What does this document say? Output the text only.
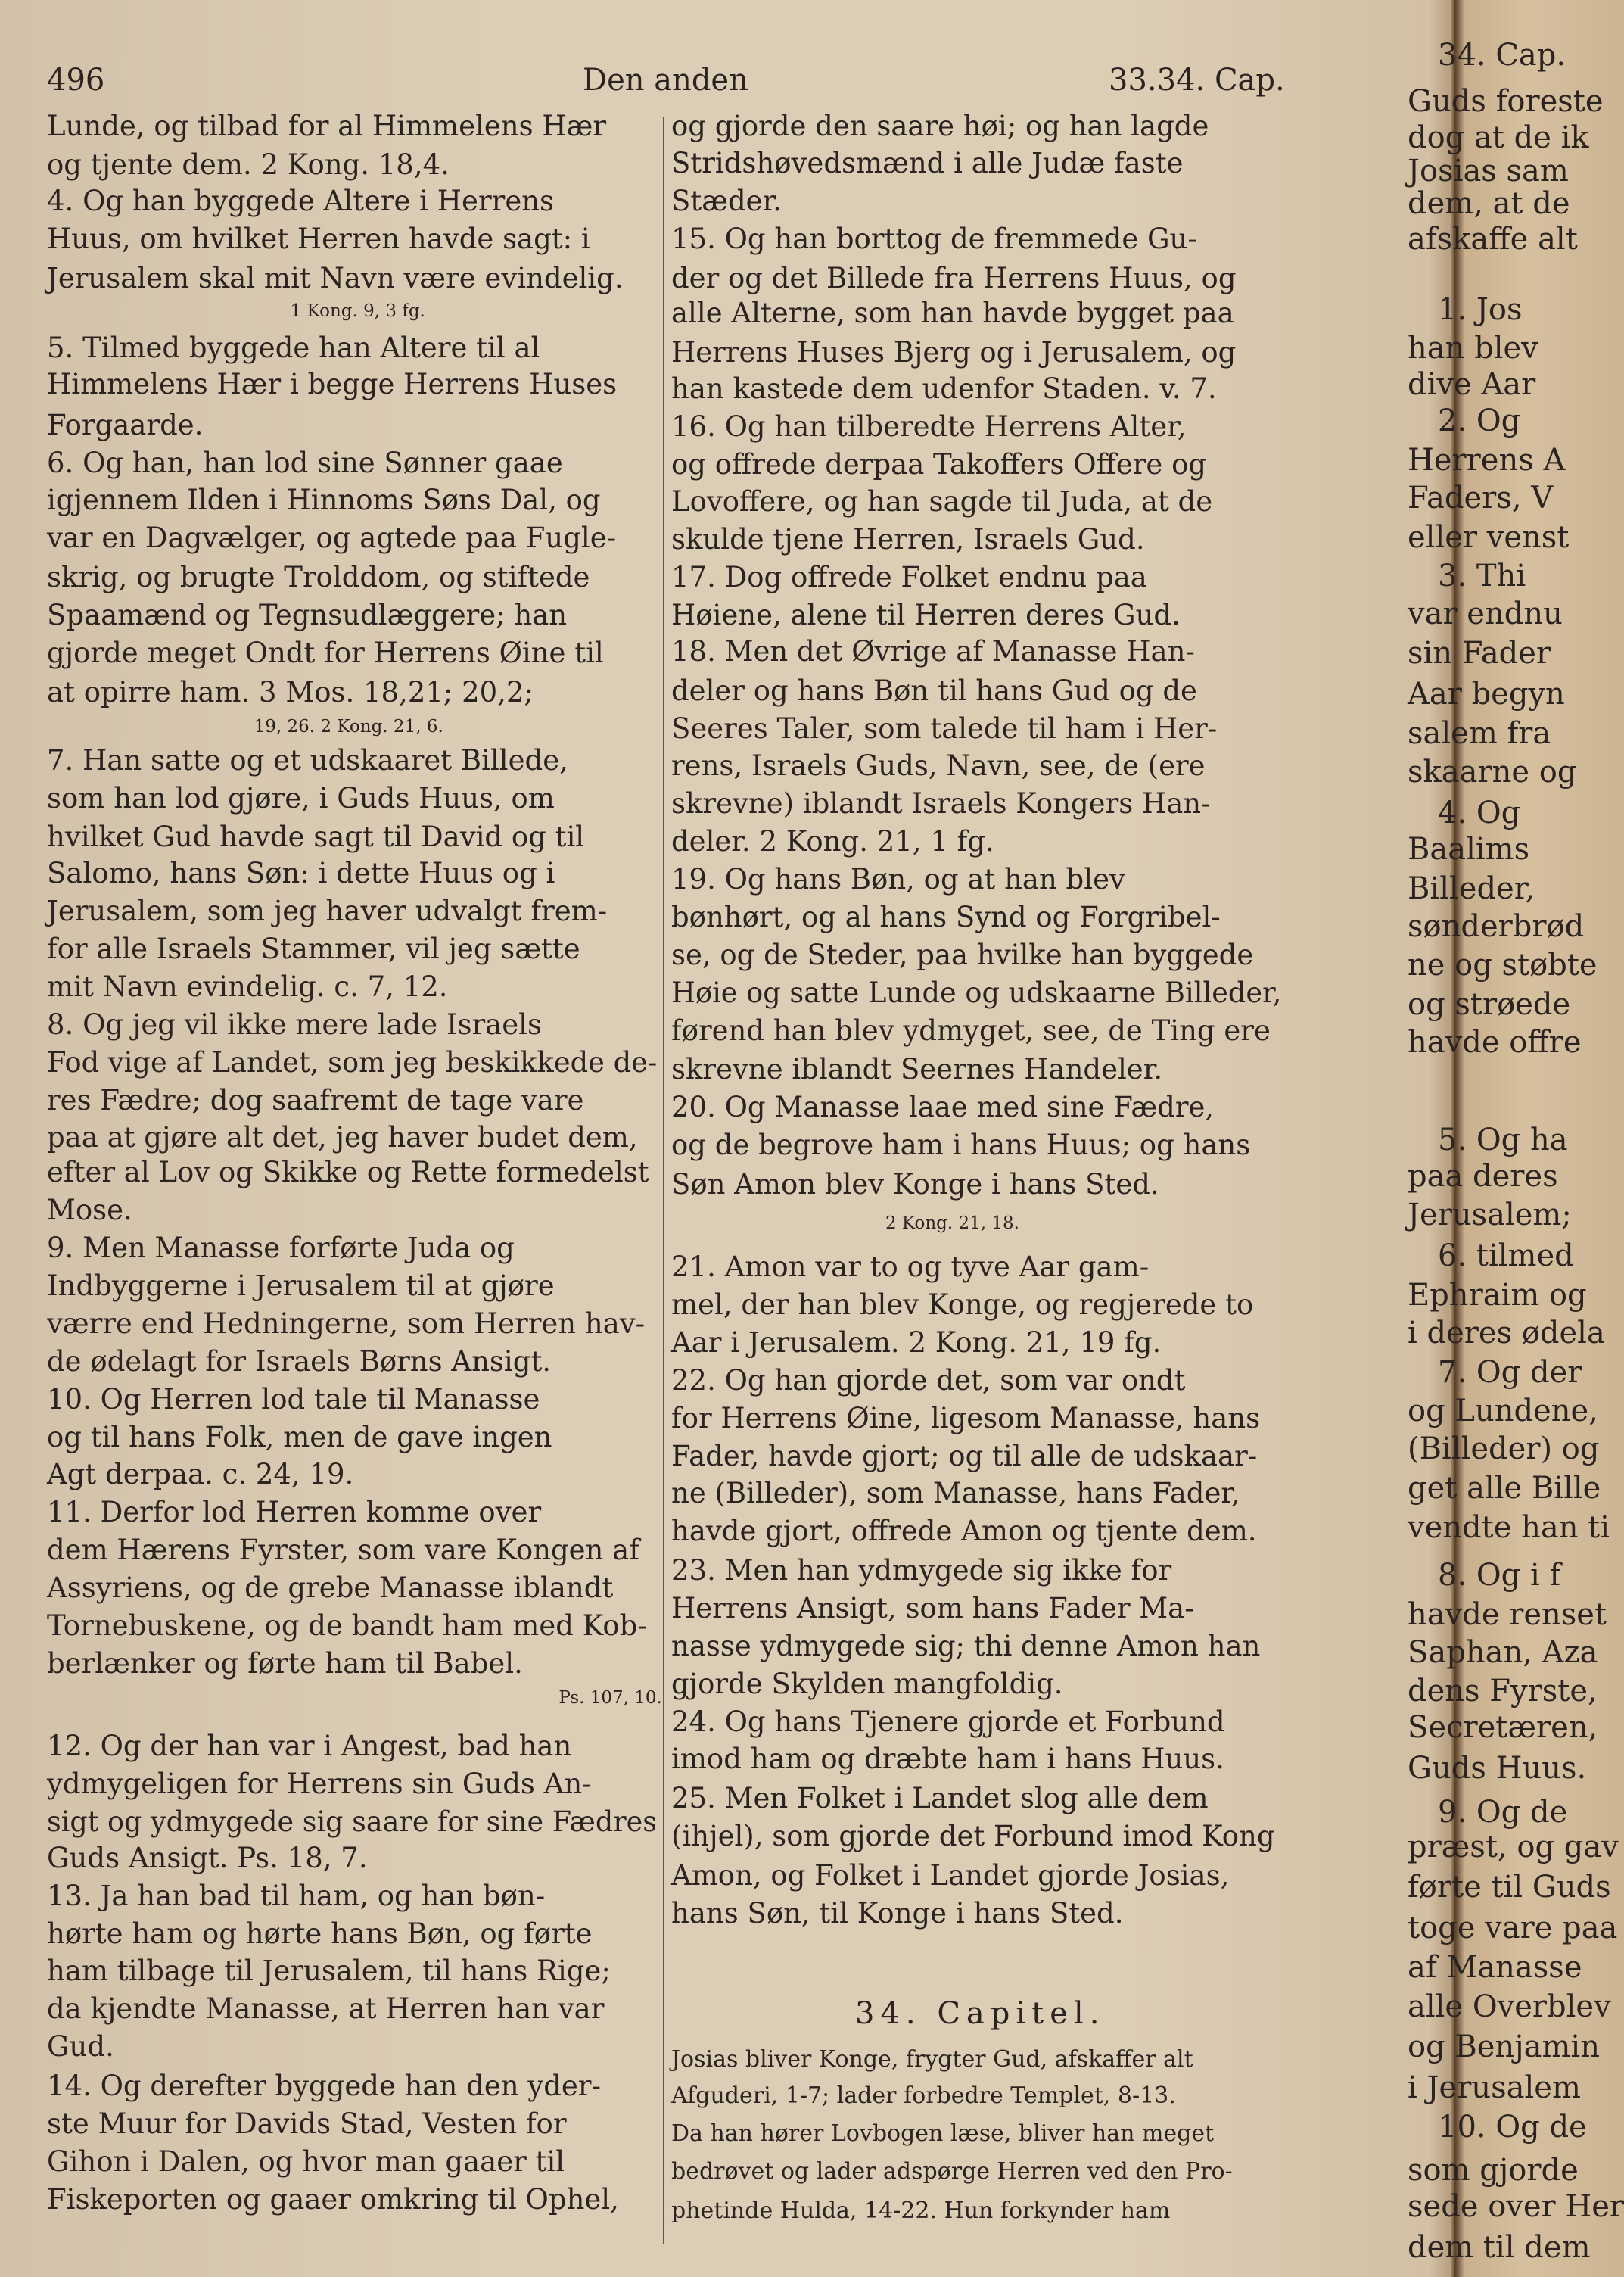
496	Den anden	33.34. Cap.
Lunde, og tilbad for al Himmelens Hær
og tjente dem. 2 Kong. 18,4.
4. Og han byggede Altere i Herrens
Huus, om hvilket Herren havde sagt: i
Jerusalem skal mit Navn være evindelig.
1 Kong. 9, 3 fg.
5. Tilmed byggede han Altere til al
Himmelens Hær i begge Herrens Huses
Forgaarde.
6. Og han, han lod sine Sønner gaae
igjennem Ilden i Hinnoms Søns Dal, og
var en Dagvælger, og agtede paa Fugle-
skrig, og brugte Trolddom, og stiftede
Spaamænd og Tegnsudlæggere; han
gjorde meget Ondt for Herrens Øine til
at opirre ham. 3 Mos. 18,21; 20,2;
19, 26. 2 Kong. 21, 6.
7. Han satte og et udskaaret Billede,
som han lod gjøre, i Guds Huus, om
hvilket Gud havde sagt til David og til
Salomo, hans Søn: i dette Huus og i
Jerusalem, som jeg haver udvalgt frem-
for alle Israels Stammer, vil jeg sætte
mit Navn evindelig. c. 7, 12.
8. Og jeg vil ikke mere lade Israels
Fod vige af Landet, som jeg beskikkede de-
res Fædre; dog saafremt de tage vare
paa at gjøre alt det, jeg haver budet dem,
efter al Lov og Skikke og Rette formedelst
Mose.
9. Men Manasse forførte Juda og
Indbyggerne i Jerusalem til at gjøre
værre end Hedningerne, som Herren hav-
de ødelagt for Israels Børns Ansigt.
10. Og Herren lod tale til Manasse
og til hans Folk, men de gave ingen
Agt derpaa. c. 24, 19.
11. Derfor lod Herren komme over
dem Hærens Fyrster, som vare Kongen af
Assyriens, og de grebe Manasse iblandt
Tornebuskene, og de bandt ham med Kob-
berlænker og førte ham til Babel.
Ps. 107, 10.
12. Og der han var i Angest, bad han
ydmygeligen for Herrens sin Guds An-
sigt og ydmygede sig saare for sine Fædres
Guds Ansigt. Ps. 18, 7.
13. Ja han bad til ham, og han bøn-
hørte ham og hørte hans Bøn, og førte
ham tilbage til Jerusalem, til hans Rige;
da kjendte Manasse, at Herren han var
Gud.
14. Og derefter byggede han den yder-
ste Muur for Davids Stad, Vesten for
Gihon i Dalen, og hvor man gaaer til
Fiskeporten og gaaer omkring til Ophel,
og gjorde den saare høi; og han lagde
Stridshøvedsmænd i alle Judæ faste
Stæder.
15. Og han borttog de fremmede Gu-
der og det Billede fra Herrens Huus, og
alle Alterne, som han havde bygget paa
Herrens Huses Bjerg og i Jerusalem, og
han kastede dem udenfor Staden. v. 7.
16. Og han tilberedte Herrens Alter,
og offrede derpaa Takoffers Offere og
Lovoffere, og han sagde til Juda, at de
skulde tjene Herren, Israels Gud.
17. Dog offrede Folket endnu paa
Høiene, alene til Herren deres Gud.
18. Men det Øvrige af Manasse Han-
deler og hans Bøn til hans Gud og de
Seeres Taler, som talede til ham i Her-
rens, Israels Guds, Navn, see, de (ere
skrevne) iblandt Israels Kongers Han-
deler. 2 Kong. 21, 1 fg.
19. Og hans Bøn, og at han blev
bønhørt, og al hans Synd og Forgribel-
se, og de Steder, paa hvilke han byggede
Høie og satte Lunde og udskaarne Billeder,
førend han blev ydmyget, see, de Ting ere
skrevne iblandt Seernes Handeler.
20. Og Manasse laae med sine Fædre,
og de begrove ham i hans Huus; og hans
Søn Amon blev Konge i hans Sted.
2 Kong. 21, 18.
21. Amon var to og tyve Aar gam-
mel, der han blev Konge, og regjerede to
Aar i Jerusalem. 2 Kong. 21, 19 fg.
22. Og han gjorde det, som var ondt
for Herrens Øine, ligesom Manasse, hans
Fader, havde gjort; og til alle de udskaar-
ne (Billeder), som Manasse, hans Fader,
havde gjort, offrede Amon og tjente dem.
23. Men han ydmygede sig ikke for
Herrens Ansigt, som hans Fader Ma-
nasse ydmygede sig; thi denne Amon han
gjorde Skylden mangfoldig.
24. Og hans Tjenere gjorde et Forbund
imod ham og dræbte ham i hans Huus.
25. Men Folket i Landet slog alle dem
(ihjel), som gjorde det Forbund imod Kong
Amon, og Folket i Landet gjorde Josias,
hans Søn, til Konge i hans Sted.
34. Capitel.
Josias bliver Konge, frygter Gud, afskaffer alt
Afguderi, 1-7; lader forbedre Templet, 8-13.
Da han hører Lovbogen læse, bliver han meget
bedrøvet og lader adspørge Herren ved den Pro-
phetinde Hulda, 14-22. Hun forkynder ham
34. Cap.
Guds foreste
dog at de ik
Josias sam
dem, at de
afskaffe alt
1. Jos
han blev
dive Aar
2. Og
Herrens A
Faders, V
eller venst
3. Thi
var endnu
sin Fader
Aar begyn
salem fra
skaarne og
4. Og
Baalims
Billeder,
sønderbrød
ne og støbte
og strøede
havde offre
5. Og ha
paa deres
Jerusalem;
6. tilmed
Ephraim og
i deres ødela
7. Og der
og Lundene,
(Billeder) og
get alle Bille
vendte han ti
8. Og i f
havde renset
Saphan, Aza
dens Fyrste,
Secretæren,
Guds Huus.
9. Og de
præst, og gav
førte til Guds
toge vare paa
af Manasse
alle Overblev
og Benjamin
i Jerusalem
10. Og de
som gjorde
sede over Her
dem til dem
